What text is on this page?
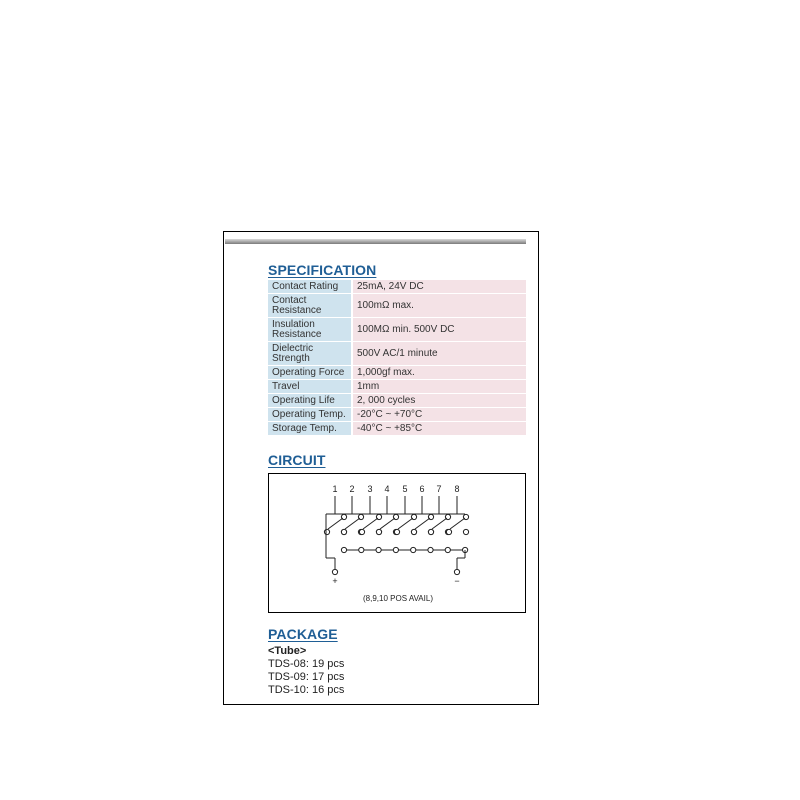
SPECIFICATION
Contact Rating	25mA, 24V DC
Contact Resistance	100mΩ max.
Insulation Resistance	100MΩ min. 500V DC
Dielectric Strength	500V AC/1 minute
Operating Force	1,000gf max.
Travel	1mm
Operating Life	2, 000 cycles
Operating Temp.	-20°C ~ +70°C
Storage Temp.	-40°C ~ +85°C
CIRCUIT
1 2 3 4 5 6 7 8
+	−
(8,9,10 POS AVAIL)
PACKAGE
<Tube>
TDS-08: 19 pcs
TDS-09: 17 pcs
TDS-10: 16 pcs
